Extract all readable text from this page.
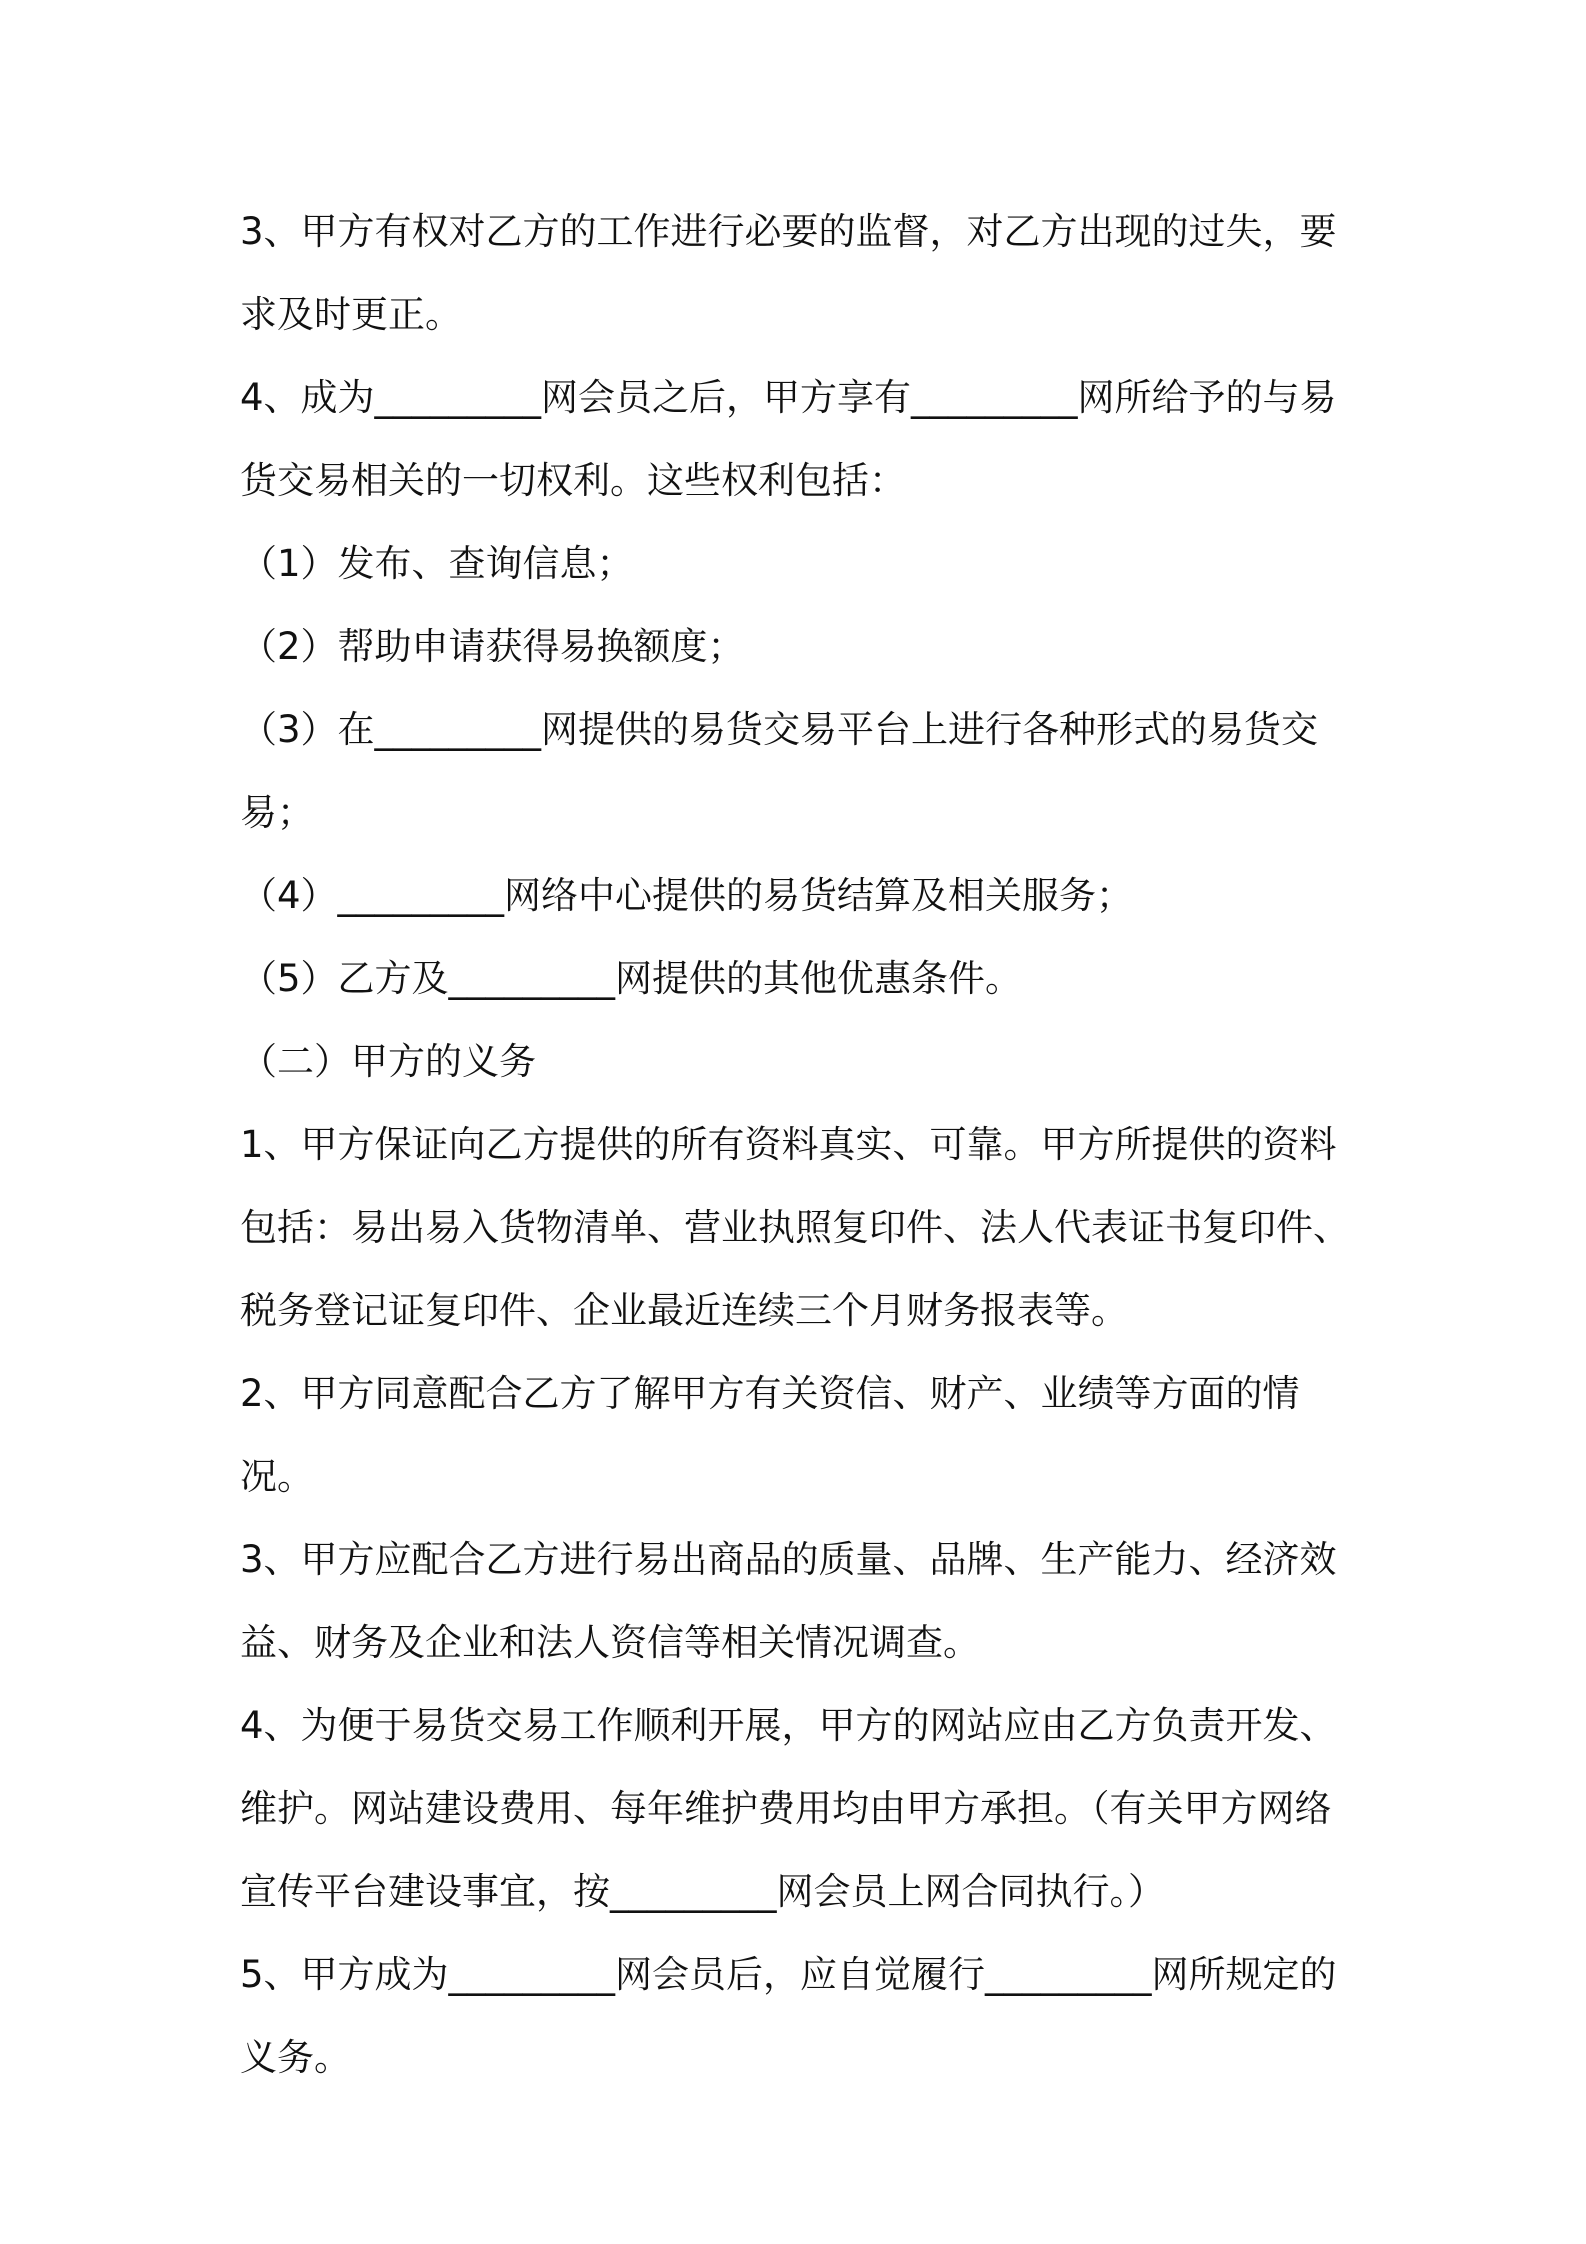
3、甲方有权对乙方的工作进行必要的监督，对乙方出现的过失，要求及时更正。

4、成为_________网会员之后，甲方享有_________网所给予的与易货交易相关的一切权利。这些权利包括：

（1）发布、查询信息；

（2）帮助申请获得易换额度；

（3）在_________网提供的易货交易平台上进行各种形式的易货交易；

（4）_________网络中心提供的易货结算及相关服务；

（5）乙方及_________网提供的其他优惠条件。

（二）甲方的义务

1、甲方保证向乙方提供的所有资料真实、可靠。甲方所提供的资料包括：易出易入货物清单、营业执照复印件、法人代表证书复印件、税务登记证复印件、企业最近连续三个月财务报表等。

2、甲方同意配合乙方了解甲方有关资信、财产、业绩等方面的情况。

3、甲方应配合乙方进行易出商品的质量、品牌、生产能力、经济效益、财务及企业和法人资信等相关情况调查。

4、为便于易货交易工作顺利开展，甲方的网站应由乙方负责开发、维护。网站建设费用、每年维护费用均由甲方承担。（有关甲方网络宣传平台建设事宜，按_________网会员上网合同执行。）

5、甲方成为_________网会员后，应自觉履行_________网所规定的义务。
